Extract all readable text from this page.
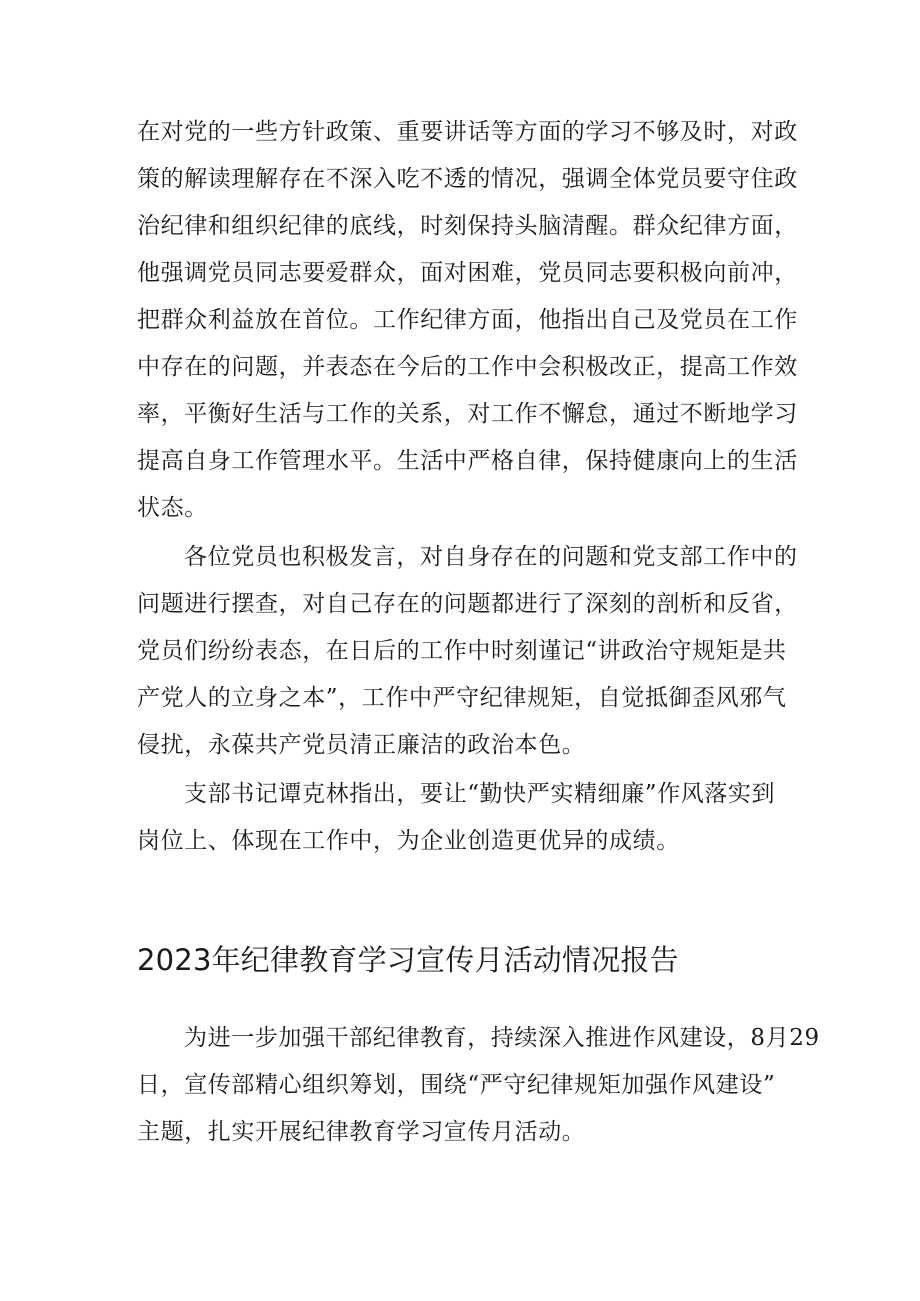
在对党的一些方针政策、重要讲话等方面的学习不够及时，对政
策的解读理解存在不深入吃不透的情况，强调全体党员要守住政
治纪律和组织纪律的底线，时刻保持头脑清醒。群众纪律方面，
他强调党员同志要爱群众，面对困难，党员同志要积极向前冲，
把群众利益放在首位。工作纪律方面，他指出自己及党员在工作
中存在的问题，并表态在今后的工作中会积极改正，提高工作效
率，平衡好生活与工作的关系，对工作不懈怠，通过不断地学习
提高自身工作管理水平。生活中严格自律，保持健康向上的生活
状态。
各位党员也积极发言，对自身存在的问题和党支部工作中的
问题进行摆查，对自己存在的问题都进行了深刻的剖析和反省，
党员们纷纷表态，在日后的工作中时刻谨记“讲政治守规矩是共
产党人的立身之本”，工作中严守纪律规矩，自觉抵御歪风邪气
侵扰，永葆共产党员清正廉洁的政治本色。
支部书记谭克林指出，要让“勤快严实精细廉”作风落实到
岗位上、体现在工作中，为企业创造更优异的成绩。
2023年纪律教育学习宣传月活动情况报告
为进一步加强干部纪律教育，持续深入推进作风建设，8月29
日，宣传部精心组织筹划，围绕“严守纪律规矩加强作风建设”
主题，扎实开展纪律教育学习宣传月活动。
